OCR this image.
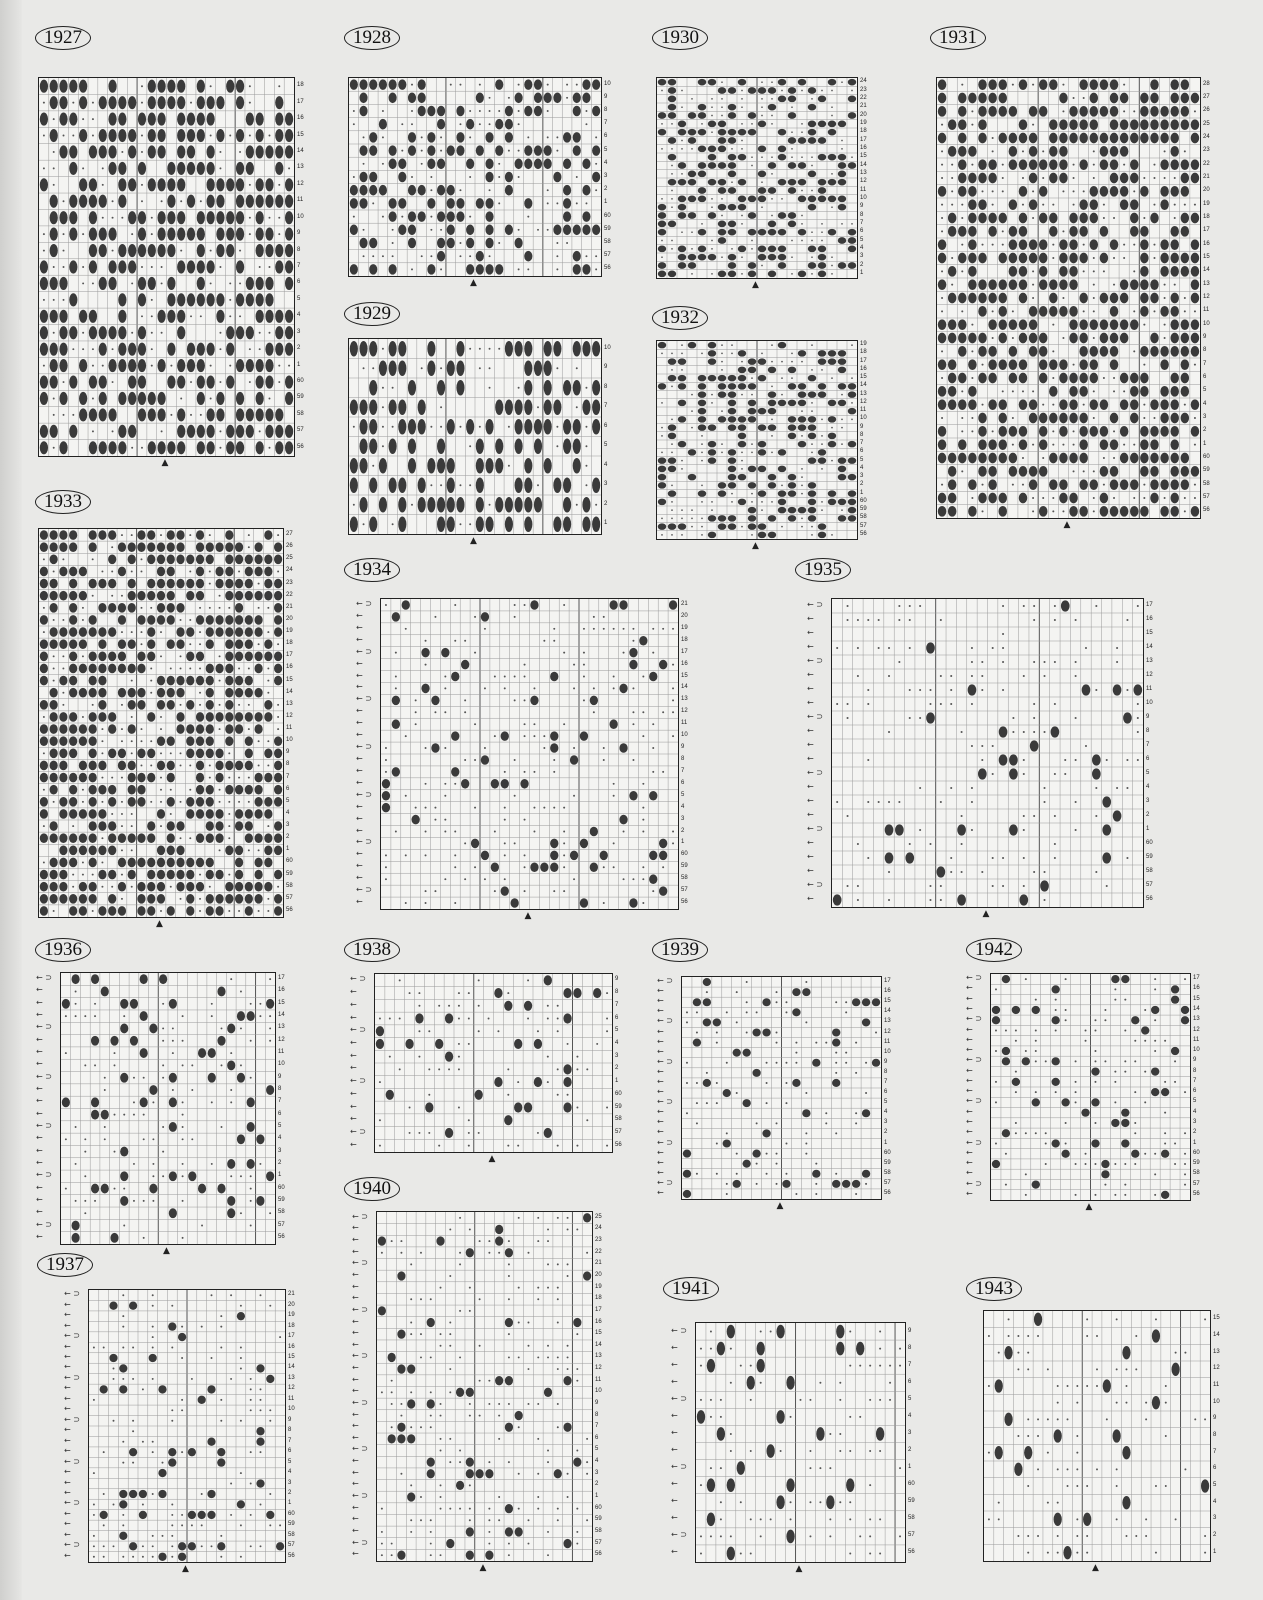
1927
18
17
16
15
14
13
12
11
10
9
8
7
6
5
4
3
2
1
60
59
58
57
56
▲
1928
10
9
8
7
6
5
4
3
2
1
60
59
58
57
56
▲
1929
10
9
8
7
6
5
4
3
2
1
▲
1930
24
23
22
21
20
19
18
17
16
15
14
13
12
11
10
9
8
7
6
5
4
3
2
1
▲
1931
28
27
26
25
24
23
22
21
20
19
18
17
16
15
14
13
12
11
10
9
8
7
6
5
4
3
2
1
60
59
58
57
56
▲
1932
19
18
17
16
15
14
13
12
11
10
9
8
7
6
5
4
3
2
1
60
59
58
57
56
▲
1933
27
26
25
24
23
22
21
20
19
18
17
16
15
14
13
12
11
10
9
8
7
6
5
4
3
2
1
60
59
58
57
56
▲
1934
21
20
19
18
17
16
15
14
13
12
11
10
9
8
7
6
5
4
3
2
1
60
59
58
57
56
← ⊃
←
←
←
← ⊃
←
←
←
← ⊃
←
←
←
← ⊃
←
←
←
← ⊃
←
←
←
← ⊃
←
←
←
← ⊃
←
▲
1935
17
16
15
14
13
12
11
10
9
8
7
6
5
4
3
2
1
60
59
58
57
56
← ⊃
←
←
←
← ⊃
←
←
←
← ⊃
←
←
←
← ⊃
←
←
←
← ⊃
←
←
←
← ⊃
←
▲
1936
17
16
15
14
13
12
11
10
9
8
7
6
5
4
3
2
1
60
59
58
57
56
← ⊃
←
←
←
← ⊃
←
←
←
← ⊃
←
←
←
← ⊃
←
←
←
← ⊃
←
←
←
← ⊃
←
▲
1937
21
20
19
18
17
16
15
14
13
12
11
10
9
8
7
6
5
4
3
2
1
60
59
58
57
56
← ⊃
←
←
←
← ⊃
←
←
←
← ⊃
←
←
←
← ⊃
←
←
←
← ⊃
←
←
←
← ⊃
←
←
←
← ⊃
←
▲
1938
9
8
7
6
5
4
3
2
1
60
59
58
57
56
← ⊃
←
←
←
← ⊃
←
←
←
← ⊃
←
←
←
← ⊃
←
▲
1939
17
16
15
14
13
12
11
10
9
8
7
6
5
4
3
2
1
60
59
58
57
56
← ⊃
←
←
←
← ⊃
←
←
←
← ⊃
←
←
←
← ⊃
←
←
←
← ⊃
←
←
←
← ⊃
←
▲
1940
25
24
23
22
21
20
19
18
17
16
15
14
13
12
11
10
9
8
7
6
5
4
3
2
1
60
59
58
57
56
← ⊃
←
←
←
← ⊃
←
←
←
← ⊃
←
←
←
← ⊃
←
←
←
← ⊃
←
←
←
← ⊃
←
←
←
← ⊃
←
←
←
← ⊃
←
▲
1941
9
8
7
6
5
4
3
2
1
60
59
58
57
56
← ⊃
←
←
←
← ⊃
←
←
←
← ⊃
←
←
←
← ⊃
←
▲
1942
17
16
15
14
13
12
11
10
9
8
7
6
5
4
3
2
1
60
59
58
57
56
← ⊃
←
←
←
← ⊃
←
←
←
← ⊃
←
←
←
← ⊃
←
←
←
← ⊃
←
←
←
← ⊃
←
▲
1943
15
14
13
12
11
10
9
8
7
6
5
4
3
2
1
▲
